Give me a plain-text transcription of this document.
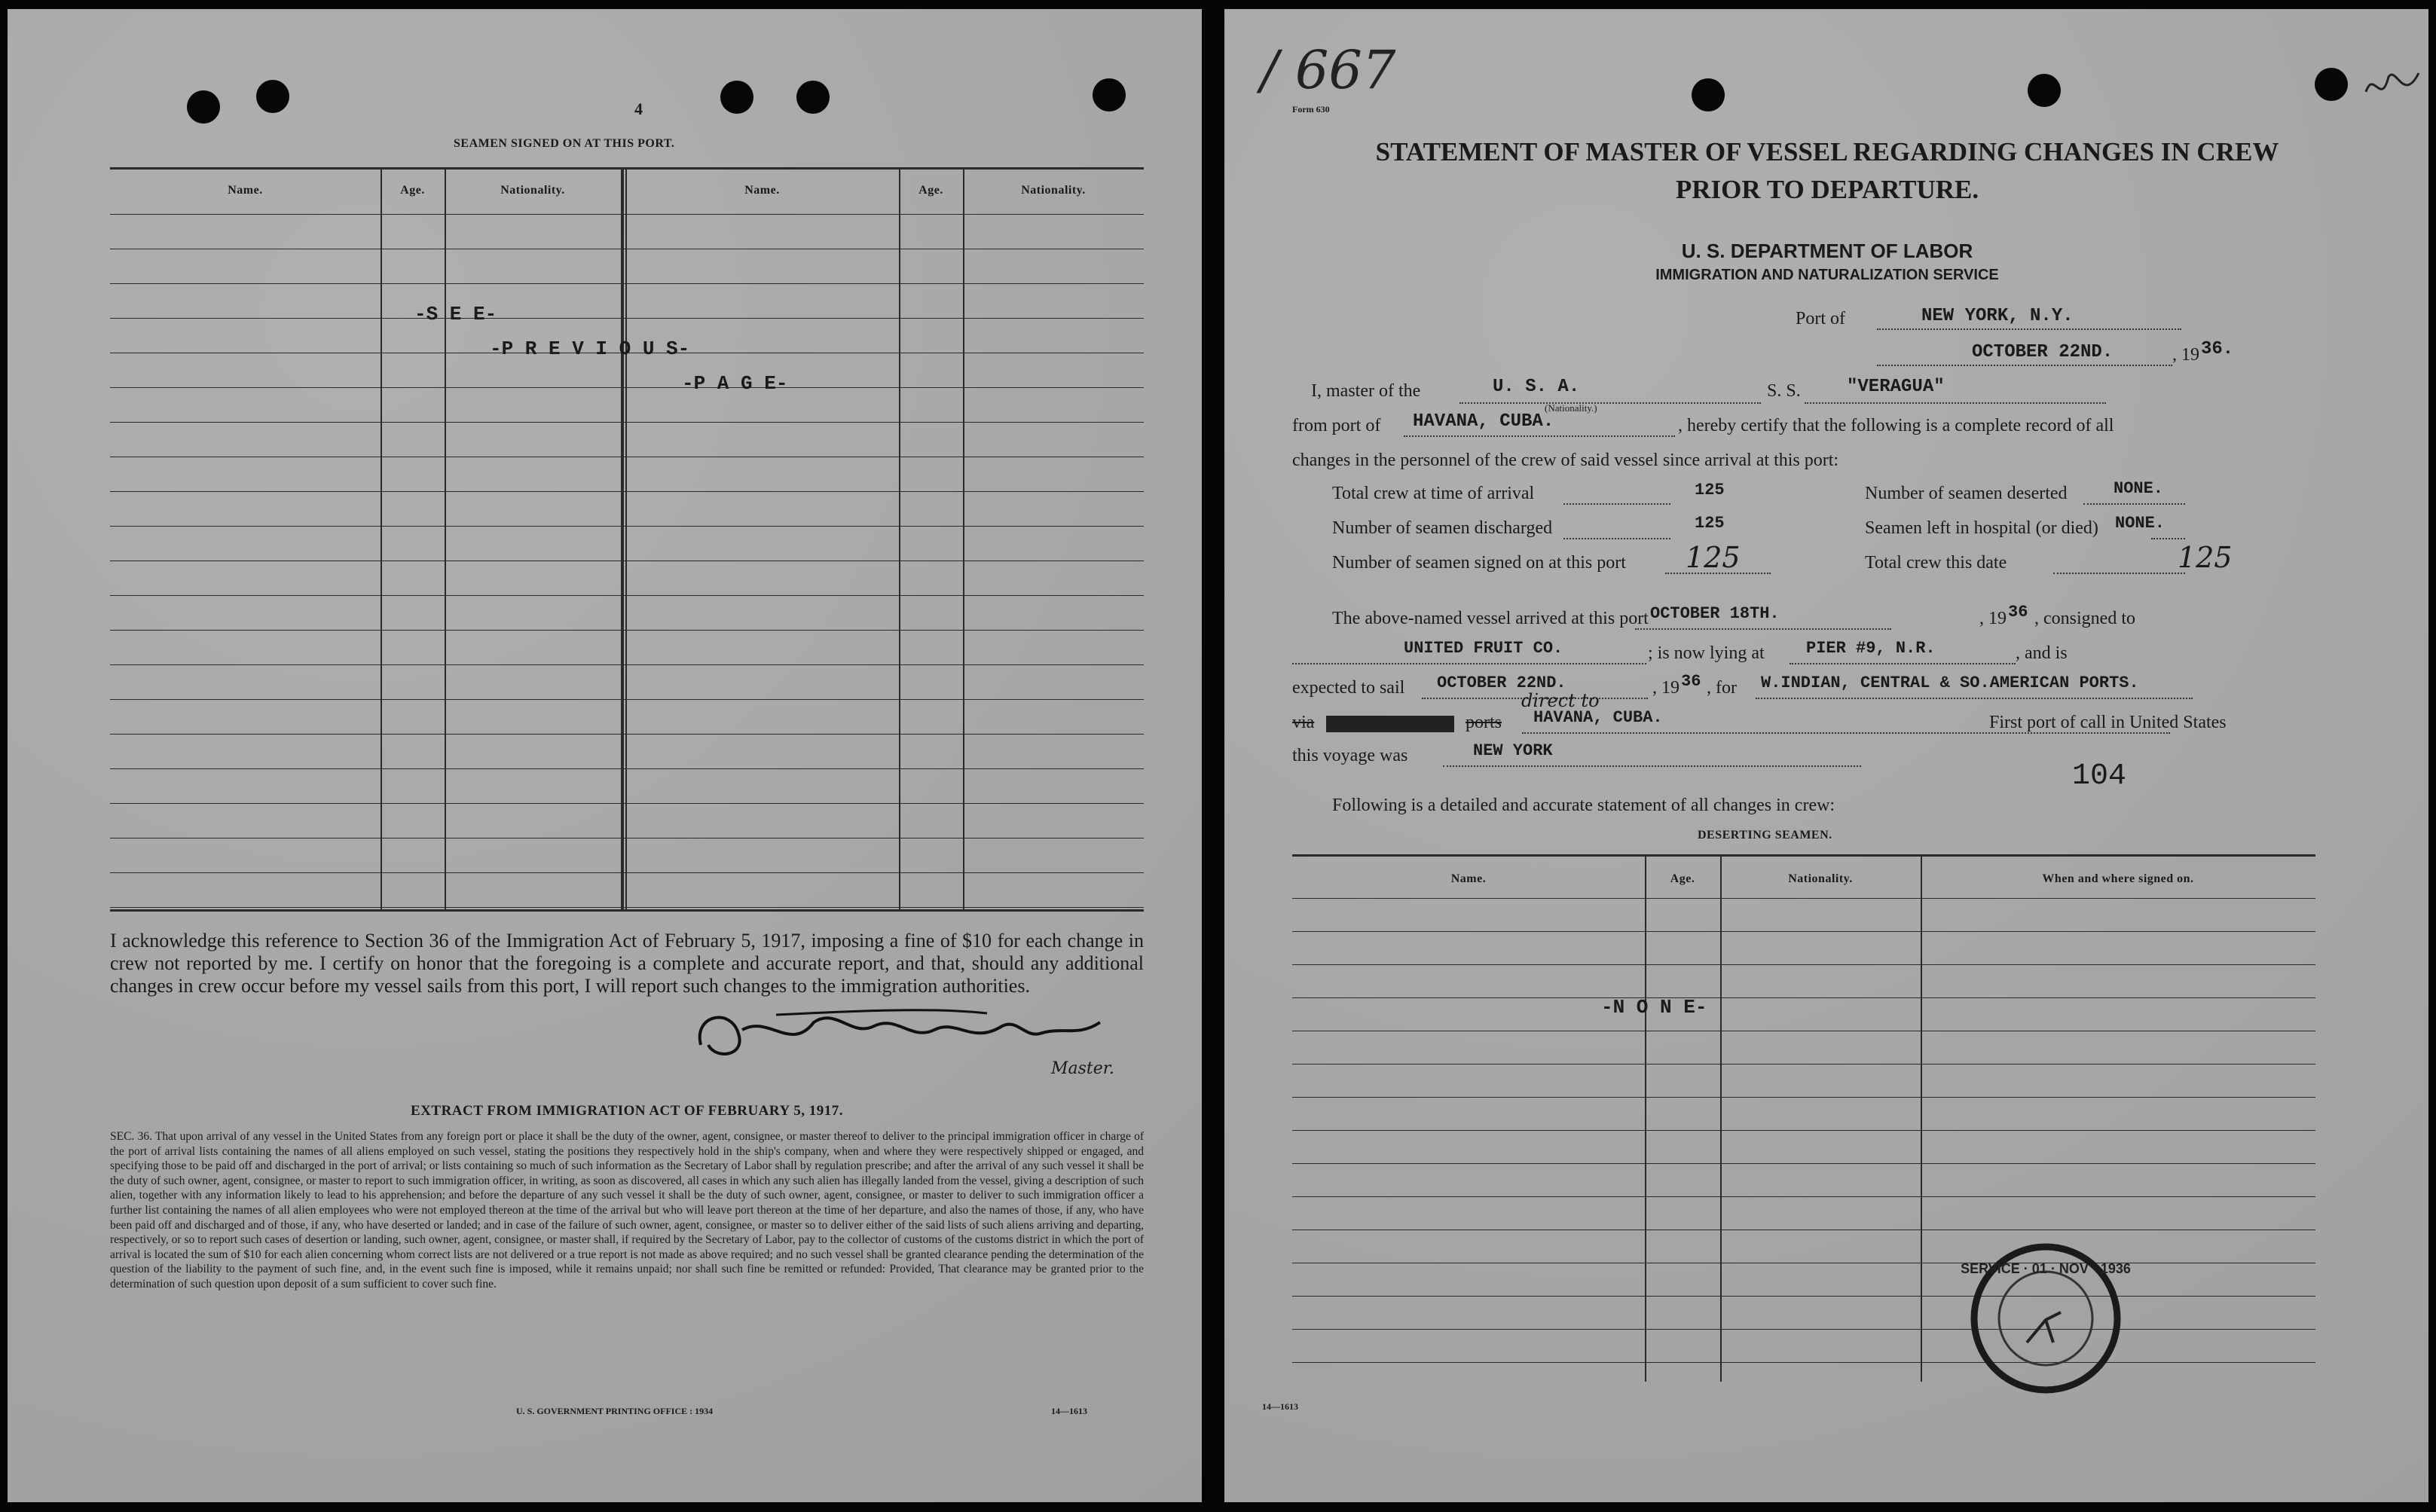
4
SEAMEN SIGNED ON AT THIS PORT.
Name.	Age.	Nationality.	Name.	Age.	Nationality.
-S E E-
-P R E V I O U S-
-P A G E-
I acknowledge this reference to Section 36 of the Immigration Act of February 5, 1917, imposing a fine of $10 for each change in crew not reported by me. I certify on honor that the foregoing is a complete and accurate report, and that, should any additional changes in crew occur before my vessel sails from this port, I will report such changes to the immigration authorities.
Master.
EXTRACT FROM IMMIGRATION ACT OF FEBRUARY 5, 1917.
SEC. 36. That upon arrival of any vessel in the United States from any foreign port or place it shall be the duty of the owner, agent, consignee, or master thereof to deliver to the principal immigration officer in charge of the port of arrival lists containing the names of all aliens employed on such vessel, stating the positions they respectively hold in the ship's company, when and where they were respectively shipped or engaged, and specifying those to be paid off and discharged in the port of arrival; or lists containing so much of such information as the Secretary of Labor shall by regulation prescribe; and after the arrival of any such vessel it shall be the duty of such owner, agent, consignee, or master to report to such immigration officer, in writing, as soon as discovered, all cases in which any such alien has illegally landed from the vessel, giving a description of such alien, together with any information likely to lead to his apprehension; and before the departure of any such vessel it shall be the duty of such owner, agent, consignee, or master to deliver to such immigration officer a further list containing the names of all alien employees who were not employed thereon at the time of the arrival but who will leave port thereon at the time of her departure, and also the names of those, if any, who have been paid off and discharged and of those, if any, who have deserted or landed; and in case of the failure of such owner, agent, consignee, or master so to deliver either of the said lists of such aliens arriving and departing, respectively, or so to report such cases of desertion or landing, such owner, agent, consignee, or master shall, if required by the Secretary of Labor, pay to the collector of customs of the customs district in which the port of arrival is located the sum of $10 for each alien concerning whom correct lists are not delivered or a true report is not made as above required; and no such vessel shall be granted clearance pending the determination of the question of the liability to the payment of such fine, and, in the event such fine is imposed, while it remains unpaid; nor shall such fine be remitted or refunded: Provided, That clearance may be granted prior to the determination of such question upon deposit of a sum sufficient to cover such fine.
U. S. GOVERNMENT PRINTING OFFICE : 1934	14—1613
/ 667
Form 630
STATEMENT OF MASTER OF VESSEL REGARDING CHANGES IN CREW
PRIOR TO DEPARTURE.
U. S. DEPARTMENT OF LABOR
IMMIGRATION AND NATURALIZATION SERVICE
Port of	NEW YORK, N.Y.
OCTOBER 22ND.	, 19 36.
I, master of the	U. S. A.
(Nationality.)
S. S.	"VERAGUA"
from port of HAVANA, CUBA.	, hereby certify that the following is a complete record of all
changes in the personnel of the crew of said vessel since arrival at this port:
Total crew at time of arrival	125	Number of seamen deserted	NONE.
Number of seamen discharged	125	Seamen left in hospital (or died) NONE.
Number of seamen signed on at this port 125	Total crew this date	125
The above-named vessel arrived at this port OCTOBER 18TH.	, 19 36 , consigned to
UNITED FRUIT CO.	; is now lying at	PIER #9, N.R.	, and is
expected to sail OCTOBER 22ND.	, 19 36 , for W.INDIAN, CENTRAL & SO.AMERICAN PORTS.
via
direct to
ports HAVANA, CUBA.	First port of call in United States
this voyage was	NEW YORK
104
Following is a detailed and accurate statement of all changes in crew:
DESERTING SEAMEN.
Name.	Age.	Nationality.	When and where signed on.
-N O N E-
SERVICE · 01 · NOV · 1936
14—1613
